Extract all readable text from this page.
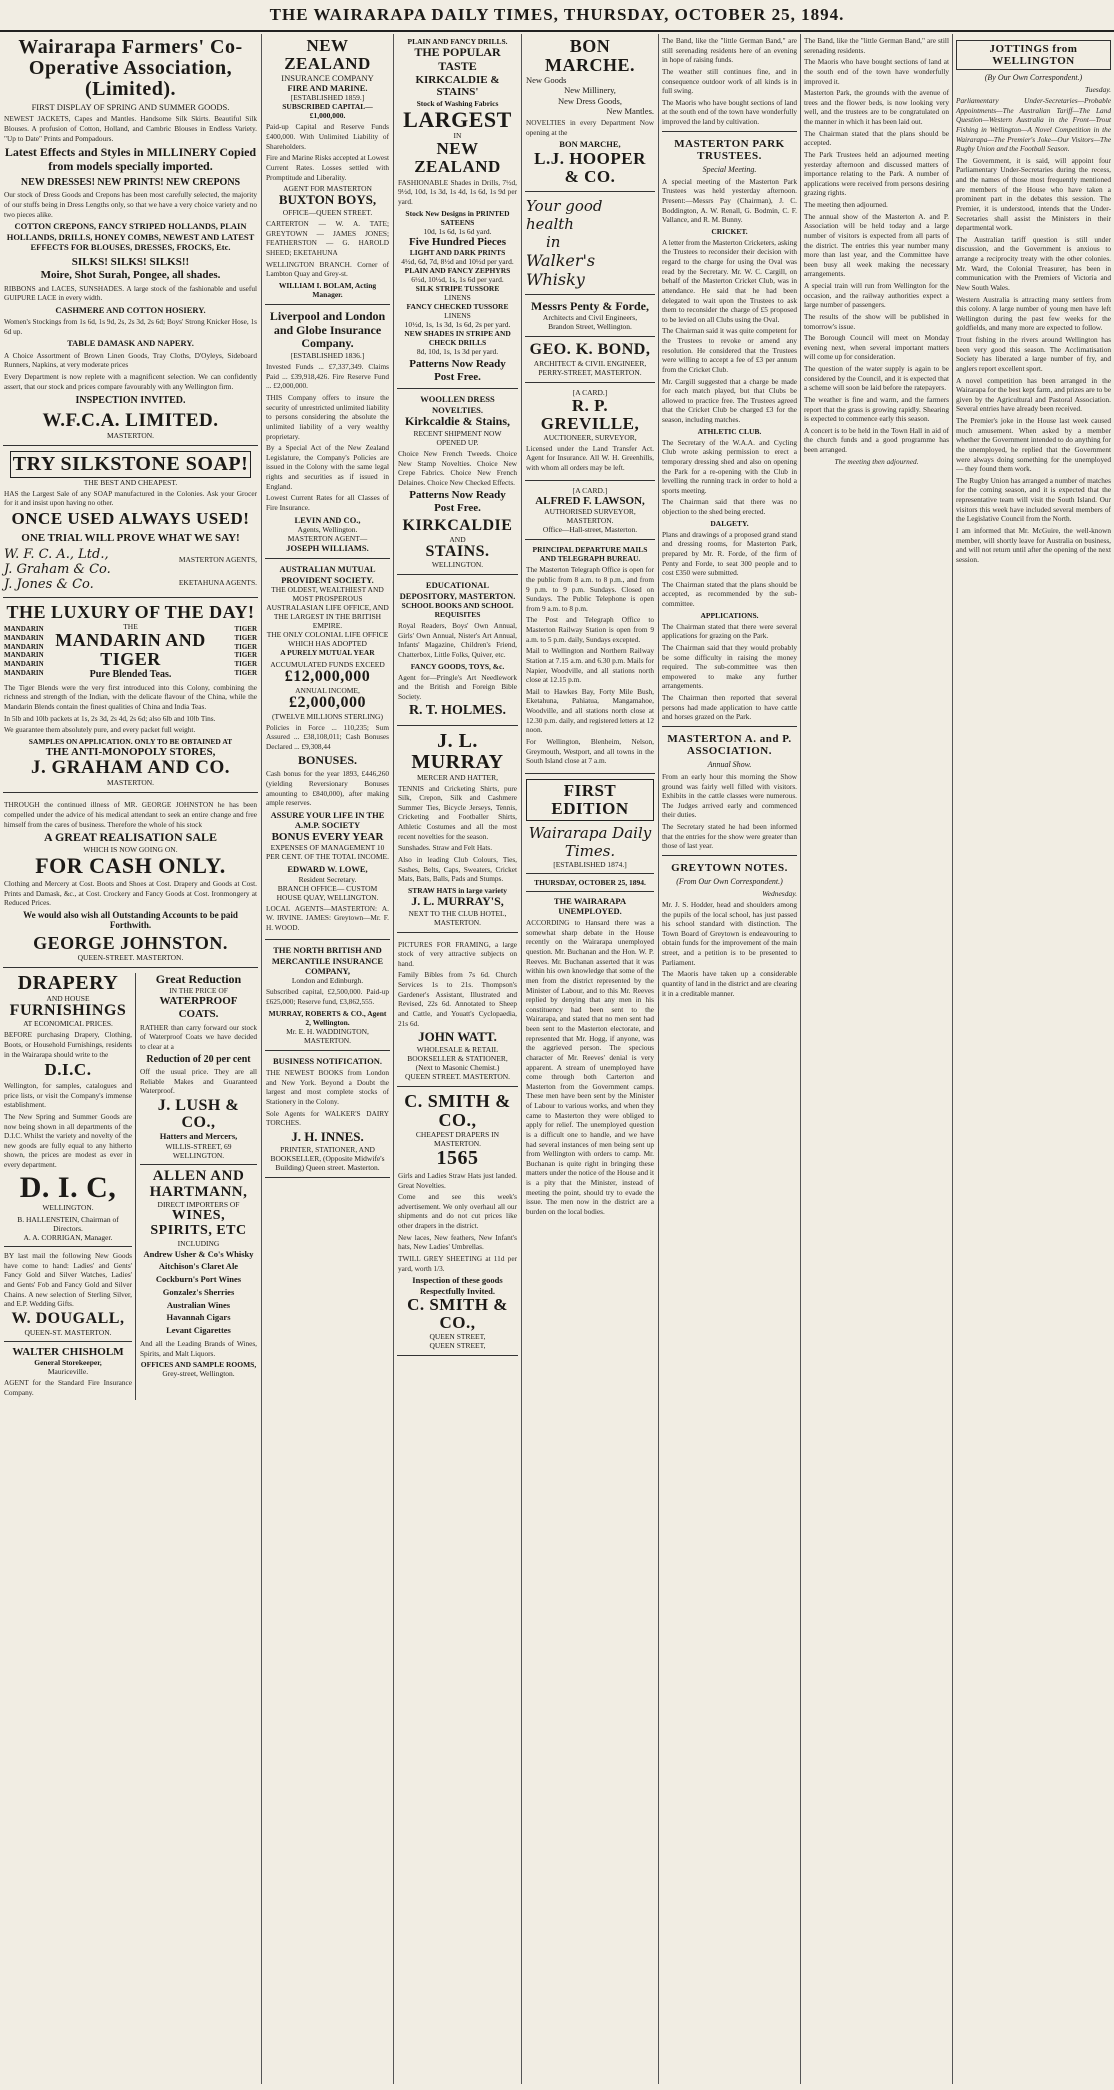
THE WAIRARAPA DAILY TIMES, THURSDAY, OCTOBER 25, 1894.
Wairarapa Farmers' Co-Operative Association, (Limited).
FIRST DISPLAY OF SPRING AND SUMMER GOODS.
NEWEST JACKETS, Capes and Mantles. Handsome Silk Skirts. Beautiful Silk Blouses. A profusion of Cotton, Holland, and Cambric Blouses in Endless Variety. "Up to Date" Prints and Pompadours.
Latest Effects and Styles in MILLINERY Copied from models specially imported.
NEW DRESSES! NEW PRINTS! NEW CREPONS
Our stock of Dress Goods and Crepons has been most carefully selected, the majority of our stuffs being in Dress Lengths only, so that we have a very choice variety and no two pieces alike.
COTTON CREPONS, FANCY STRIPED HOLLANDS, PLAIN HOLLANDS, DRILLS, HONEY COMBS, NEWEST AND LATEST EFFECTS FOR BLOUSES, DRESSES, FROCKS, Etc.
SILKS! SILKS! SILKS!!
Moire, Shot Surah, Pongee, all shades.
RIBBONS and LACES, SUNSHADES. A large stock of the fashionable and useful GUIPURE LACE in every width.
CASHMERE AND COTTON HOSIERY.
Women's Stockings from 1s 6d, 1s 9d, 2s, 2s 3d, 2s 6d; Boys' Strong Knicker Hose, 1s 6d up.
TABLE DAMASK AND NAPERY.
A Choice Assortment of Brown Linen Goods, Tray Cloths, D'Oyleys, Sideboard Runners, Napkins, at very moderate prices
Every Department is now replete with a magnificent selection. We can confidently assert, that our stock and prices compare favourably with any Wellington firm.
INSPECTION INVITED.
W.F.C.A. LIMITED.
MASTERTON.
TRY SILKSTONE SOAP!
THE BEST AND CHEAPEST.
HAS the Largest Sale of any SOAP manufactured in the Colonies. Ask your Grocer for it and insist upon having no other.
ONCE USED ALWAYS USED!
ONE TRIAL WILL PROVE WHAT WE SAY!
W. F. C. A., Ltd.,
J. Graham & Co.
J. Jones & Co.
MASTERTON AGENTS,
EKETAHUNA AGENTS.
THE LUXURY OF THE DAY!
MANDARIN
MANDARIN
MANDARIN
MANDARIN
MANDARIN
MANDARIN
THE
MANDARIN AND TIGER
Pure Blended Teas.
TIGER
TIGER
TIGER
TIGER
TIGER
TIGER
The Tiger Blends were the very first introduced into this Colony, combining the richness and strength of the Indian, with the delicate flavour of the China, while the Mandarin Blends contain the finest qualities of China and India Teas.
In 5lb and 10lb packets at 1s, 2s 3d, 2s 4d, 2s 6d; also 6lb and 10lb Tins.
We guarantee them absolutely pure, and every packet full weight.
SAMPLES ON APPLICATION. ONLY TO BE OBTAINED AT
THE ANTI-MONOPOLY STORES,
J. GRAHAM AND CO.
MASTERTON.
THROUGH the continued illness of MR. GEORGE JOHNSTON he has been compelled under the advice of his medical attendant to seek an entire change and free himself from the cares of business. Therefore the whole of his stock
A GREAT REALISATION SALE
WHICH IS NOW GOING ON.
FOR CASH ONLY.
Clothing and Mercery at Cost. Boots and Shoes at Cost. Drapery and Goods at Cost. Prints and Damask, &c., at Cost. Crockery and Fancy Goods at Cost. Ironmongery at Reduced Prices.
We would also wish all Outstanding Accounts to be paid Forthwith.
GEORGE JOHNSTON.
QUEEN-STREET. MASTERTON.
DRAPERY
AND HOUSE
FURNISHINGS
AT ECONOMICAL PRICES.
BEFORE purchasing Drapery, Clothing, Boots, or Household Furnishings, residents in the Wairarapa should write to the
D.I.C.
Wellington, for samples, catalogues and price lists, or visit the Company's immense establishment.
The New Spring and Summer Goods are now being shown in all departments of the D.I.C. Whilst the variety and novelty of the new goods are fully equal to any hitherto shown, the prices are modest as ever in every department.
D. I. C,
WELLINGTON.
B. HALLENSTEIN, Chairman of Directors.
A. A. CORRIGAN, Manager.
BY last mail the following New Goods have come to hand: Ladies' and Gents' Fancy Gold and Silver Watches, Ladies' and Gents' Fob and Fancy Gold and Silver Chains. A new selection of Sterling Silver, and E.P. Wedding Gifts.
W. DOUGALL,
QUEEN-ST. MASTERTON.
WALTER CHISHOLM
General Storekeeper,
Mauriceville.
AGENT for the Standard Fire Insurance Company.
Great Reduction
IN THE PRICE OF
WATERPROOF COATS.
RATHER than carry forward our stock of Waterproof Coats we have decided to clear at a
Reduction of 20 per cent
Off the usual price. They are all Reliable Makes and Guaranteed Waterproof.
J. LUSH & CO.,
Hatters and Mercers,
WILLIS-STREET, 69 WELLINGTON.
ALLEN AND HARTMANN,
DIRECT IMPORTERS OF
WINES, SPIRITS, ETC
INCLUDING
Andrew Usher & Co's Whisky
Aitchison's Claret Ale
Cockburn's Port Wines
Gonzalez's Sherries
Australian Wines
Havannah Cigars
Levant Cigarettes
And all the Leading Brands of Wines, Spirits, and Malt Liquors.
OFFICES AND SAMPLE ROOMS,
Grey-street, Wellington.
NEW ZEALAND
INSURANCE COMPANY
FIRE AND MARINE.
[ESTABLISHED 1859.]
SUBSCRIBED CAPITAL—£1,000,000.
Paid-up Capital and Reserve Funds £400,000. With Unlimited Liability of Shareholders.
Fire and Marine Risks accepted at Lowest Current Rates. Losses settled with Promptitude and Liberality.
AGENT FOR MASTERTON
BUXTON BOYS,
OFFICE—QUEEN STREET.
CARTERTON — W. A. TATE; GREYTOWN — JAMES JONES; FEATHERSTON — G. HAROLD SHEED; EKETAHUNA
WELLINGTON BRANCH. Corner of Lambton Quay and Grey-st.
WILLIAM I. BOLAM, Acting Manager.
Liverpool and London and Globe Insurance Company.
[ESTABLISHED 1836.]
Invested Funds ... £7,337,349. Claims Paid ... £39,918,426. Fire Reserve Fund ... £2,000,000.
THIS Company offers to insure the security of unrestricted unlimited liability to persons considering the absolute the unlimited liability of a very wealthy proprietary.
By a Special Act of the New Zealand Legislature, the Company's Policies are issued in the Colony with the same legal rights and securities as if issued in England.
Lowest Current Rates for all Classes of Fire Insurance.
LEVIN AND CO.,
Agents, Wellington.
MASTERTON AGENT—
JOSEPH WILLIAMS.
AUSTRALIAN MUTUAL PROVIDENT SOCIETY.
THE OLDEST, WEALTHIEST AND MOST PROSPEROUS
AUSTRALASIAN LIFE OFFICE, AND THE LARGEST IN THE BRITISH EMPIRE.
THE ONLY COLONIAL LIFE OFFICE WHICH HAS ADOPTED
A PURELY MUTUAL YEAR
ACCUMULATED FUNDS EXCEED
£12,000,000
ANNUAL INCOME,
£2,000,000
(TWELVE MILLIONS STERLING)
Policies in Force ... 110,235; Sum Assured ... £38,108,011; Cash Bonuses Declared ... £9,308,44
BONUSES.
Cash bonus for the year 1893, £446,260 (yielding Reversionary Bonuses amounting to £840,000), after making ample reserves.
ASSURE YOUR LIFE IN THE A.M.P. SOCIETY
BONUS EVERY YEAR
EXPENSES OF MANAGEMENT 10 PER CENT. OF THE TOTAL INCOME.
EDWARD W. LOWE,
Resident Secretary.
BRANCH OFFICE— CUSTOM HOUSE QUAY, WELLINGTON.
LOCAL AGENTS—MASTERTON: A. W. IRVINE. JAMES: Greytown—Mr. F. H. WOOD.
THE NORTH BRITISH AND MERCANTILE INSURANCE COMPANY,
London and Edinburgh.
Subscribed capital, £2,500,000. Paid-up £625,000; Reserve fund, £3,862,555.
MURRAY, ROBERTS & CO., Agent 2, Wellington.
Mr. E. H. WADDINGTON, MASTERTON.
BUSINESS NOTIFICATION.
THE NEWEST BOOKS from London and New York. Beyond a Doubt the largest and most complete stocks of Stationery in the Colony.
Sole Agents for WALKER'S DAIRY TORCHES.
J. H. INNES.
PRINTER, STATIONER, AND BOOKSELLER, (Opposite Midwife's Building) Queen street. Masterton.
PLAIN AND FANCY DRILLS.
THE POPULAR TASTE
KIRKCALDIE & STAINS'
Stock of Washing Fabrics
LARGEST
IN
NEW ZEALAND
FASHIONABLE Shades in Drills, 7½d, 9½d, 10d, 1s 3d, 1s 4d, 1s 6d, 1s 9d per yard.
Stock New Designs in PRINTED SATEENS
10d, 1s 6d, 1s 6d yard.
Five Hundred Pieces
LIGHT AND DARK PRINTS
4½d, 6d, 7d, 8½d and 10½d per yard.
PLAIN AND FANCY ZEPHYRS
6½d, 10½d, 1s, 1s 6d per yard.
SILK STRIPE TUSSORE
LINENS
FANCY CHECKED TUSSORE
LINENS
10½d, 1s, 1s 3d, 1s 6d, 2s per yard.
NEW SHADES IN STRIPE AND CHECK DRILLS
8d, 10d, 1s, 1s 3d per yard.
Patterns Now Ready Post Free.
WOOLLEN DRESS NOVELTIES.
Kirkcaldie & Stains,
RECENT SHIPMENT NOW OPENED UP.
Choice New French Tweeds. Choice New Stamp Novelties. Choice New Crepe Fabrics. Choice New French Delaines. Choice New Checked Effects.
Patterns Now Ready Post Free.
KIRKCALDIE
AND
STAINS.
WELLINGTON.
EDUCATIONAL DEPOSITORY, MASTERTON.
SCHOOL BOOKS AND SCHOOL REQUISITES
Royal Readers, Boys' Own Annual, Girls' Own Annual, Nister's Art Annual, Infants' Magazine, Children's Friend, Chatterbox, Little Folks, Quiver, etc.
FANCY GOODS, TOYS, &c.
Agent for—Pringle's Art Needlework and the British and Foreign Bible Society.
R. T. HOLMES.
J. L. MURRAY
MERCER AND HATTER,
TENNIS and Cricketing Shirts, pure Silk, Crepon, Silk and Cashmere Summer Ties, Bicycle Jerseys, Tennis, Cricketing and Footballer Shirts, Athletic Costumes and all the most recent novelties for the season.
Sunshades. Straw and Felt Hats.
Also in leading Club Colours, Ties, Sashes, Belts, Caps, Sweaters, Cricket Mats, Bats, Balls, Pads and Stumps.
STRAW HATS in large variety
J. L. MURRAY'S,
NEXT TO THE CLUB HOTEL,
MASTERTON.
PICTURES FOR FRAMING, a large stock of very attractive subjects on hand.
Family Bibles from 7s 6d. Church Services 1s to 21s. Thompson's Gardener's Assistant, Illustrated and Revised, 22s 6d. Annotated to Sheep and Cattle, and Youatt's Cyclopaedia, 21s 6d.
JOHN WATT.
WHOLESALE & RETAIL BOOKSELLER & STATIONER,
(Next to Masonic Chemist.)
QUEEN STREET. MASTERTON.
C. SMITH & CO.,
CHEAPEST DRAPERS IN MASTERTON.
1565
Girls and Ladies Straw Hats just landed. Great Novelties.
Come and see this week's advertisement. We only overhaul all our shipments and do not cut prices like other drapers in the district.
New laces, New feathers, New Infant's hats, New Ladies' Umbrellas.
TWILL GREY SHEETING at 11d per yard, worth 1/3.
Inspection of these goods Respectfully Invited.
C. SMITH & CO.,
QUEEN STREET,
QUEEN STREET,
BON MARCHE.
New Goods
New Millinery,
New Dress Goods,
New Mantles.
NOVELTIES in every Department Now opening at the
BON MARCHE,
L.J. HOOPER & CO.
Your good health
in
Walker's Whisky
Messrs Penty & Forde,
Architects and Civil Engineers,
Brandon Street, Wellington.
GEO. K. BOND,
ARCHITECT & CIVIL ENGINEER,
PERRY-STREET, MASTERTON.
[A CARD.]
R. P. GREVILLE,
AUCTIONEER, SURVEYOR,
Licensed under the Land Transfer Act. Agent for Insurance. All W. H. Greenhills, with whom all orders may be left.
[A CARD.]
ALFRED F. LAWSON,
AUTHORISED SURVEYOR,
MASTERTON.
Office—Hall-street, Masterton.
PRINCIPAL DEPARTURE MAILS AND TELEGRAPH BUREAU.
The Masterton Telegraph Office is open for the public from 8 a.m. to 8 p.m., and from 9 p.m. to 9 p.m. Sundays. Closed on Sundays. The Public Telephone is open from 9 a.m. to 8 p.m.
The Post and Telegraph Office to Masterton Railway Station is open from 9 a.m. to 5 p.m. daily, Sundays excepted.
Mail to Wellington and Northern Railway Station at 7.15 a.m. and 6.30 p.m. Mails for Napier, Woodville, and all stations north close at 12.15 p.m.
Mail to Hawkes Bay, Forty Mile Bush, Eketahuna, Pahiatua, Mangamahoe, Woodville, and all stations north close at 12.30 p.m. daily, and registered letters at 12 noon.
For Wellington, Blenheim, Nelson, Greymouth, Westport, and all towns in the South Island close at 7 a.m.
FIRST EDITION
Wairarapa Daily Times.
[ESTABLISHED 1874.]
THURSDAY, OCTOBER 25, 1894.
THE WAIRARAPA UNEMPLOYED.
ACCORDING to Hansard there was a somewhat sharp debate in the House recently on the Wairarapa unemployed question. Mr. Buchanan and the Hon. W. P. Reeves. Mr. Buchanan asserted that it was within his own knowledge that some of the men from the district represented by the Minister of Labour, and to this Mr. Reeves replied by denying that any men in his constituency had been sent to the Wairarapa, and stated that no men sent had been sent to the Masterton electorate, and represented that Mr. Hogg, if anyone, was the aggrieved person. The specious character of Mr. Reeves' denial is very apparent. A stream of unemployed have come through both Carterton and Masterton from the Government camps. These men have been sent by the Minister of Labour to various works, and when they came to Masterton they were obliged to apply for relief. The unemployed question is a difficult one to handle, and we have had several instances of men being sent up from Wellington with orders to camp. Mr. Buchanan is quite right in bringing these matters under the notice of the House and it is a pity that the Minister, instead of meeting the point, should try to evade the issue. The men now in the district are a burden on the local bodies.
The Band, like the "little German Band," are still serenading residents here of an evening in hope of raising funds.
The weather still continues fine, and in consequence outdoor work of all kinds is in full swing.
The Maoris who have bought sections of land at the south end of the town have wonderfully improved the land by cultivation.
MASTERTON PARK TRUSTEES.
Special Meeting.
A special meeting of the Masterton Park Trustees was held yesterday afternoon. Present:—Messrs Pay (Chairman), J. C. Boddington, A. W. Renall, G. Bodmin, C. F. Vallance, and R. M. Bunny.
CRICKET.
A letter from the Masterton Cricketers, asking the Trustees to reconsider their decision with regard to the charge for using the Oval was read by the Secretary. Mr. W. C. Cargill, on behalf of the Masterton Cricket Club, was in attendance. He said that he had been delegated to wait upon the Trustees to ask them to reconsider the charge of £5 proposed to be levied on all Clubs using the Oval.
The Chairman said it was quite competent for the Trustees to revoke or amend any resolution. He considered that the Trustees were willing to accept a fee of £3 per annum from the Cricket Club.
Mr. Cargill suggested that a charge be made for each match played, but that Clubs be allowed to practice free. The Trustees agreed that the Cricket Club be charged £3 for the season, including matches.
ATHLETIC CLUB.
The Secretary of the W.A.A. and Cycling Club wrote asking permission to erect a temporary dressing shed and also on opening the Park for a re-opening with the Club in levelling the running track in order to hold a sports meeting.
The Chairman said that there was no objection to the shed being erected.
DALGETY.
Plans and drawings of a proposed grand stand and dressing rooms, for Masterton Park, prepared by Mr. R. Forde, of the firm of Penty and Forde, to seat 300 people and to cost £350 were submitted.
The Chairman stated that the plans should be accepted, as recommended by the sub-committee.
APPLICATIONS.
The Chairman stated that there were several applications for grazing on the Park.
The Chairman said that they would probably be some difficulty in raising the money required. The sub-committee was then empowered to make any further arrangements.
The Chairman then reported that several persons had made application to have cattle and horses grazed on the Park.
MASTERTON A. and P. ASSOCIATION.
Annual Show.
From an early hour this morning the Show ground was fairly well filled with visitors. Exhibits in the cattle classes were numerous. The Judges arrived early and commenced their duties.
The Secretary stated he had been informed that the entries for the show were greater than those of last year.
GREYTOWN NOTES.
(From Our Own Correspondent.)
Wednesday.
Mr. J. S. Hodder, head and shoulders among the pupils of the local school, has just passed his school standard with distinction. The Town Board of Greytown is endeavouring to obtain funds for the improvement of the main street, and a petition is to be presented to Parliament.
The Maoris have taken up a considerable quantity of land in the district and are clearing it in a creditable manner.
The Band, like the "little German Band," are still serenading residents.
The Maoris who have bought sections of land at the south end of the town have wonderfully improved it.
Masterton Park, the grounds with the avenue of trees and the flower beds, is now looking very well, and the trustees are to be congratulated on the manner in which it has been laid out.
The Chairman stated that the plans should be accepted.
The Park Trustees held an adjourned meeting yesterday afternoon and discussed matters of importance relating to the Park. A number of applications were received from persons desiring grazing rights.
The meeting then adjourned.
The annual show of the Masterton A. and P. Association will be held today and a large number of visitors is expected from all parts of the district. The entries this year number many more than last year, and the Committee have been busy all week making the necessary arrangements.
A special train will run from Wellington for the occasion, and the railway authorities expect a large number of passengers.
The results of the show will be published in tomorrow's issue.
The Borough Council will meet on Monday evening next, when several important matters will come up for consideration.
The question of the water supply is again to be considered by the Council, and it is expected that a scheme will soon be laid before the ratepayers.
The weather is fine and warm, and the farmers report that the grass is growing rapidly. Shearing is expected to commence early this season.
A concert is to be held in the Town Hall in aid of the church funds and a good programme has been arranged.
The meeting then adjourned.
JOTTINGS from WELLINGTON
(By Our Own Correspondent.)
Tuesday.
Parliamentary Under-Secretaries—Probable Appointments—The Australian Tariff—The Land Question—Western Australia in the Front—Trout Fishing in Wellington—A Novel Competition in the Wairarapa—The Premier's Joke—Our Visitors—The Rugby Union and the Football Season.
The Government, it is said, will appoint four Parliamentary Under-Secretaries during the recess, and the names of those most frequently mentioned are members of the House who have taken a prominent part in the debates this session. The Premier, it is understood, intends that the Under-Secretaries shall assist the Ministers in their departmental work.
The Australian tariff question is still under discussion, and the Government is anxious to arrange a reciprocity treaty with the other colonies. Mr. Ward, the Colonial Treasurer, has been in communication with the Premiers of Victoria and New South Wales.
Western Australia is attracting many settlers from this colony. A large number of young men have left Wellington during the past few weeks for the goldfields, and many more are expected to follow.
Trout fishing in the rivers around Wellington has been very good this season. The Acclimatisation Society has liberated a large number of fry, and anglers report excellent sport.
A novel competition has been arranged in the Wairarapa for the best kept farm, and prizes are to be given by the Agricultural and Pastoral Association. Several entries have already been received.
The Premier's joke in the House last week caused much amusement. When asked by a member whether the Government intended to do anything for the unemployed, he replied that the Government were always doing something for the unemployed — they found them work.
The Rugby Union has arranged a number of matches for the coming season, and it is expected that the representative team will visit the South Island. Our visitors this week have included several members of the Legislative Council from the North.
I am informed that Mr. McGuire, the well-known member, will shortly leave for Australia on business, and will not return until after the opening of the next session.
